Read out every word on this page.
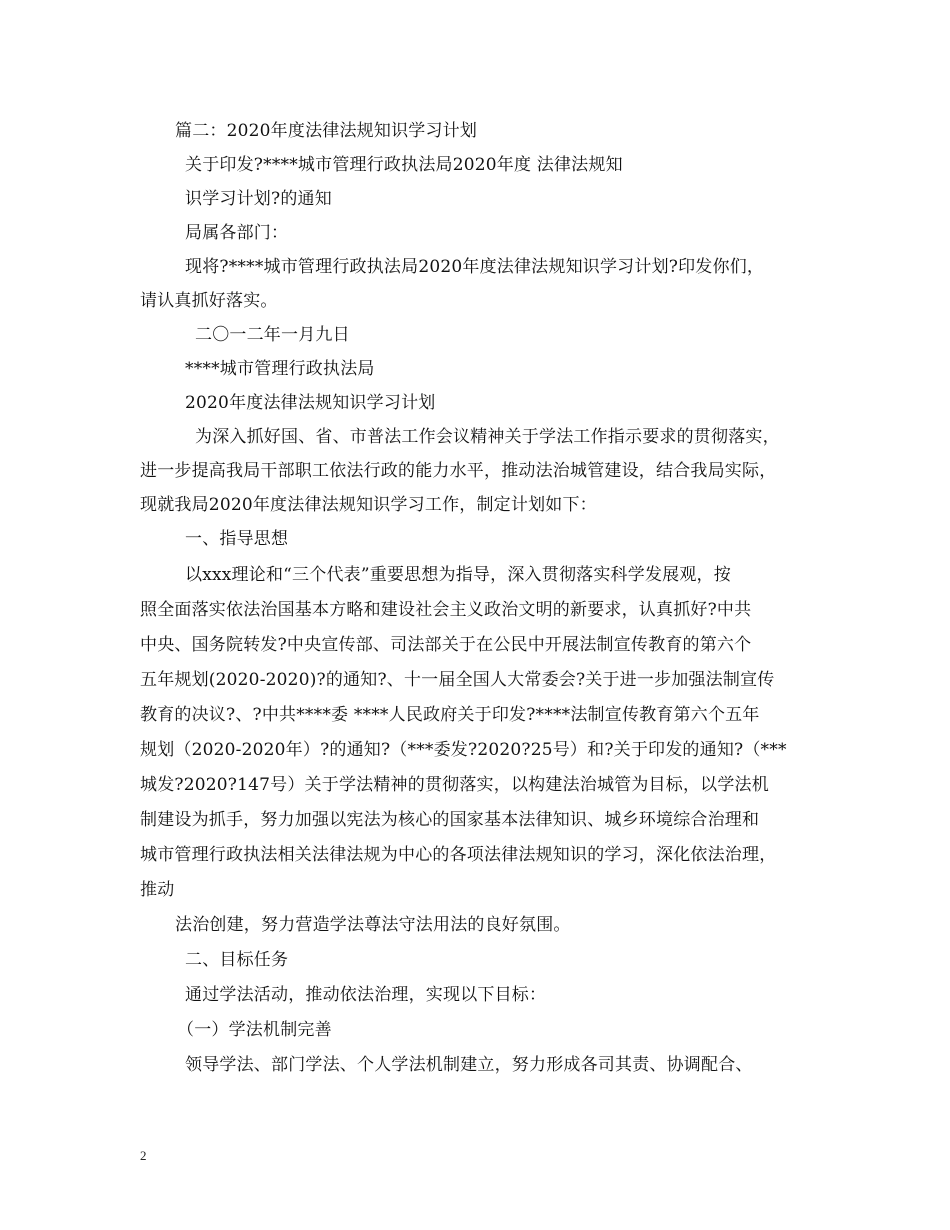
篇二：2020年度法律法规知识学习计划
关于印发?****城市管理行政执法局2020年度 法律法规知
识学习计划?的通知
局属各部门：
现将?****城市管理行政执法局2020年度法律法规知识学习计划?印发你们，
请认真抓好落实。
二〇一二年一月九日
****城市管理行政执法局
2020年度法律法规知识学习计划
为深入抓好国、省、市普法工作会议精神关于学法工作指示要求的贯彻落实，
进一步提高我局干部职工依法行政的能力水平，推动法治城管建设，结合我局实际，
现就我局2020年度法律法规知识学习工作，制定计划如下：
一、指导思想
以xxx理论和“三个代表”重要思想为指导，深入贯彻落实科学发展观，按
照全面落实依法治国基本方略和建设社会主义政治文明的新要求，认真抓好?中共
中央、国务院转发?中央宣传部、司法部关于在公民中开展法制宣传教育的第六个
五年规划(2020-2020)?的通知?、十一届全国人大常委会?关于进一步加强法制宣传
教育的决议?、?中共****委 ****人民政府关于印发?****法制宣传教育第六个五年
规划（2020-2020年）?的通知?（***委发?2020?25号）和?关于印发的通知?（***
城发?2020?147号）关于学法精神的贯彻落实，以构建法治城管为目标，以学法机
制建设为抓手，努力加强以宪法为核心的国家基本法律知识、城乡环境综合治理和
城市管理行政执法相关法律法规为中心的各项法律法规知识的学习，深化依法治理，
推动
法治创建，努力营造学法尊法守法用法的良好氛围。
二、目标任务
通过学法活动，推动依法治理，实现以下目标：
（一）学法机制完善
领导学法、部门学法、个人学法机制建立，努力形成各司其责、协调配合、
2
